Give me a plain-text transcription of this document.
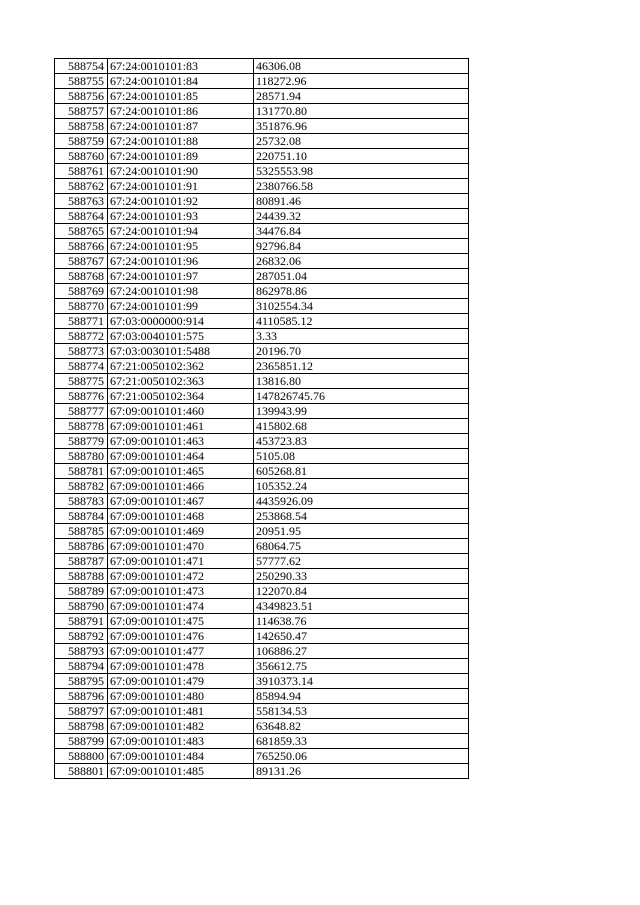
588754	67:24:0010101:83	46306.08
588755	67:24:0010101:84	118272.96
588756	67:24:0010101:85	28571.94
588757	67:24:0010101:86	131770.80
588758	67:24:0010101:87	351876.96
588759	67:24:0010101:88	25732.08
588760	67:24:0010101:89	220751.10
588761	67:24:0010101:90	5325553.98
588762	67:24:0010101:91	2380766.58
588763	67:24:0010101:92	80891.46
588764	67:24:0010101:93	24439.32
588765	67:24:0010101:94	34476.84
588766	67:24:0010101:95	92796.84
588767	67:24:0010101:96	26832.06
588768	67:24:0010101:97	287051.04
588769	67:24:0010101:98	862978.86
588770	67:24:0010101:99	3102554.34
588771	67:03:0000000:914	4110585.12
588772	67:03:0040101:575	3.33
588773	67:03:0030101:5488	20196.70
588774	67:21:0050102:362	2365851.12
588775	67:21:0050102:363	13816.80
588776	67:21:0050102:364	147826745.76
588777	67:09:0010101:460	139943.99
588778	67:09:0010101:461	415802.68
588779	67:09:0010101:463	453723.83
588780	67:09:0010101:464	5105.08
588781	67:09:0010101:465	605268.81
588782	67:09:0010101:466	105352.24
588783	67:09:0010101:467	4435926.09
588784	67:09:0010101:468	253868.54
588785	67:09:0010101:469	20951.95
588786	67:09:0010101:470	68064.75
588787	67:09:0010101:471	57777.62
588788	67:09:0010101:472	250290.33
588789	67:09:0010101:473	122070.84
588790	67:09:0010101:474	4349823.51
588791	67:09:0010101:475	114638.76
588792	67:09:0010101:476	142650.47
588793	67:09:0010101:477	106886.27
588794	67:09:0010101:478	356612.75
588795	67:09:0010101:479	3910373.14
588796	67:09:0010101:480	85894.94
588797	67:09:0010101:481	558134.53
588798	67:09:0010101:482	63648.82
588799	67:09:0010101:483	681859.33
588800	67:09:0010101:484	765250.06
588801	67:09:0010101:485	89131.26
